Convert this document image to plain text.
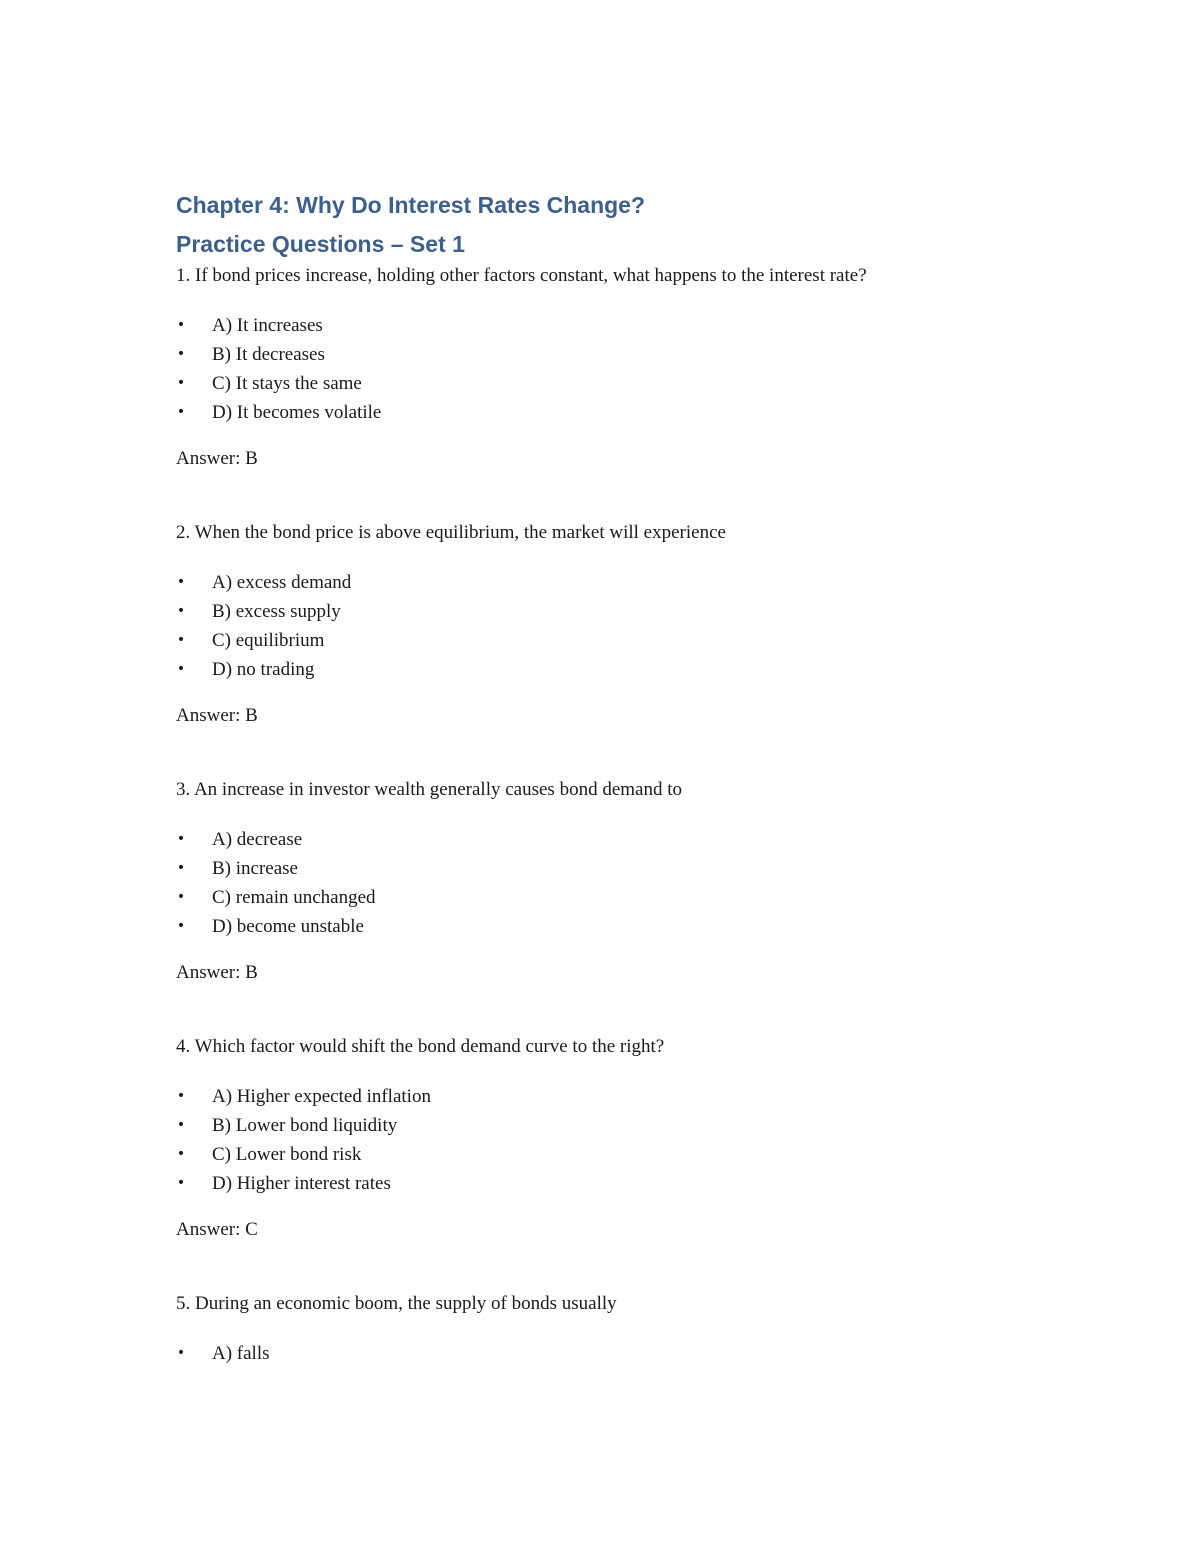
Chapter 4: Why Do Interest Rates Change?
Practice Questions – Set 1

1. If bond prices increase, holding other factors constant, what happens to the interest rate?

• A) It increases
• B) It decreases
• C) It stays the same
• D) It becomes volatile

Answer: B

2. When the bond price is above equilibrium, the market will experience

• A) excess demand
• B) excess supply
• C) equilibrium
• D) no trading

Answer: B

3. An increase in investor wealth generally causes bond demand to

• A) decrease
• B) increase
• C) remain unchanged
• D) become unstable

Answer: B

4. Which factor would shift the bond demand curve to the right?

• A) Higher expected inflation
• B) Lower bond liquidity
• C) Lower bond risk
• D) Higher interest rates

Answer: C

5. During an economic boom, the supply of bonds usually

• A) falls
